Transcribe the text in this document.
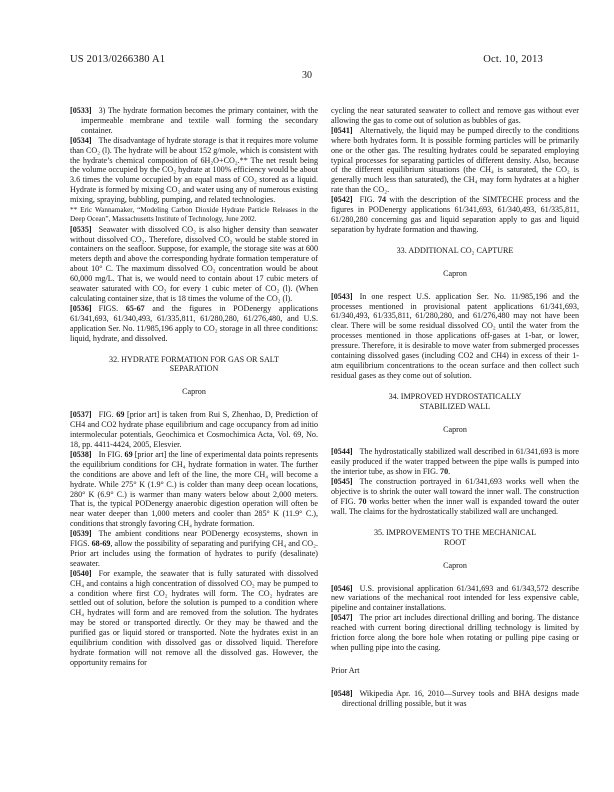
US 2013/0266380 A1	Oct. 10, 2013
30
[0533] 3) The hydrate formation becomes the primary container, with the impermeable membrane and textile wall forming the secondary container.
[0534] The disadvantage of hydrate storage is that it requires more volume than CO₂ (l). The hydrate will be about 152 g/mole, which is consistent with the hydrate’s chemical composition of 6H₂O+CO₂.** The net result being the volume occupied by the CO₂ hydrate at 100% efficiency would be about 3.6 times the volume occupied by an equal mass of CO₂ stored as a liquid. Hydrate is formed by mixing CO₂ and water using any of numerous existing mixing, spraying, bubbling, pumping, and related technologies.
** Eric Wannamaker, “Modeling Carbon Dioxide Hydrate Particle Releases in the Deep Ocean”, Massachusetts Institute of Technology, June 2002.
[0535] Seawater with dissolved CO₂ is also higher density than seawater without dissolved CO₂. Therefore, dissolved CO₂ would be stable stored in containers on the seafloor. Suppose, for example, the storage site was at 600 meters depth and above the corresponding hydrate formation temperature of about 10° C. The maximum dissolved CO₂ concentration would be about 60,000 mg/L. That is, we would need to contain about 17 cubic meters of seawater saturated with CO₂ for every 1 cubic meter of CO₂ (l). (When calculating container size, that is 18 times the volume of the CO₂ (l).
[0536] FIGS. 65-67 and the figures in PODenergy applications 61/341,693, 61/340,493, 61/335,811, 61/280,280, 61/276,480, and U.S. application Ser. No. 11/985,196 apply to CO₂ storage in all three conditions: liquid, hydrate, and dissolved.
32. HYDRATE FORMATION FOR GAS OR SALT SEPARATION
Capron
[0537] FIG. 69 [prior art] is taken from Rui S, Zhenhao, D, Prediction of CH4 and CO2 hydrate phase equilibrium and cage occupancy from ad initio intermolecular potentials, Geochimica et Cosmochimica Acta, Vol. 69, No. 18, pp. 4411-4424, 2005, Elesvier.
[0538] In FIG. 69 [prior art] the line of experimental data points represents the equilibrium conditions for CH₄ hydrate formation in water. The further the conditions are above and left of the line, the more CH₄ will become a hydrate. While 275° K (1.9° C.) is colder than many deep ocean locations, 280° K (6.9° C.) is warmer than many waters below about 2,000 meters. That is, the typical PODenergy anaerobic digestion operation will often be near water deeper than 1,000 meters and cooler than 285° K (11.9° C.), conditions that strongly favoring CH₄ hydrate formation.
[0539] The ambient conditions near PODenergy ecosystems, shown in FIGS. 68-69, allow the possibility of separating and purifying CH₄ and CO₂. Prior art includes using the formation of hydrates to purify (desalinate) seawater.
[0540] For example, the seawater that is fully saturated with dissolved CH₄ and contains a high concentration of dissolved CO₂ may be pumped to a condition where first CO₂ hydrates will form. The CO₂ hydrates are settled out of solution, before the solution is pumped to a condition where CH₄ hydrates will form and are removed from the solution. The hydrates may be stored or transported directly. Or they may be thawed and the purified gas or liquid stored or transported. Note the hydrates exist in an equilibrium condition with dissolved gas or dissolved liquid. Therefore hydrate formation will not remove all the dissolved gas. However, the opportunity remains for
cycling the near saturated seawater to collect and remove gas without ever allowing the gas to come out of solution as bubbles of gas.
[0541] Alternatively, the liquid may be pumped directly to the conditions where both hydrates form. It is possible forming particles will be primarily one or the other gas. The resulting hydrates could be separated employing typical processes for separating particles of different density. Also, because of the different equilibrium situations (the CH₄ is saturated, the CO₂ is generally much less than saturated), the CH₄ may form hydrates at a higher rate than the CO₂.
[0542] FIG. 74 with the description of the SIMTECHE process and the figures in PODenergy applications 61/341,693, 61/340,493, 61/335,811, 61/280,280 concerning gas and liquid separation apply to gas and liquid separation by hydrate formation and thawing.
33. ADDITIONAL CO₂ CAPTURE
Capron
[0543] In one respect U.S. application Ser. No. 11/985,196 and the processes mentioned in provisional patent applications 61/341,693, 61/340,493, 61/335,811, 61/280,280, and 61/276,480 may not have been clear. There will be some residual dissolved CO₂ until the water from the processes mentioned in those applications off-gases at 1-bar, or lower, pressure. Therefore, it is desirable to move water from submerged processes containing dissolved gases (including CO2 and CH4) in excess of their 1-atm equilibrium concentrations to the ocean surface and then collect such residual gases as they come out of solution.
34. IMPROVED HYDROSTATICALLY STABILIZED WALL
Capron
[0544] The hydrostatically stabilized wall described in 61/341,693 is more easily produced if the water trapped between the pipe walls is pumped into the interior tube, as show in FIG. 70.
[0545] The construction portrayed in 61/341,693 works well when the objective is to shrink the outer wall toward the inner wall. The construction of FIG. 70 works better when the inner wall is expanded toward the outer wall. The claims for the hydrostatically stabilized wall are unchanged.
35. IMPROVEMENTS TO THE MECHANICAL ROOT
Capron
[0546] U.S. provisional application 61/341,693 and 61/343,572 describe new variations of the mechanical root intended for less expensive cable, pipeline and container installations.
[0547] The prior art includes directional drilling and boring. The distance reached with current boring directional drilling technology is limited by friction force along the bore hole when rotating or pulling pipe casing or when pulling pipe into the casing.
Prior Art
[0548] Wikipedia Apr. 16, 2010—Survey tools and BHA designs made directional drilling possible, but it was
